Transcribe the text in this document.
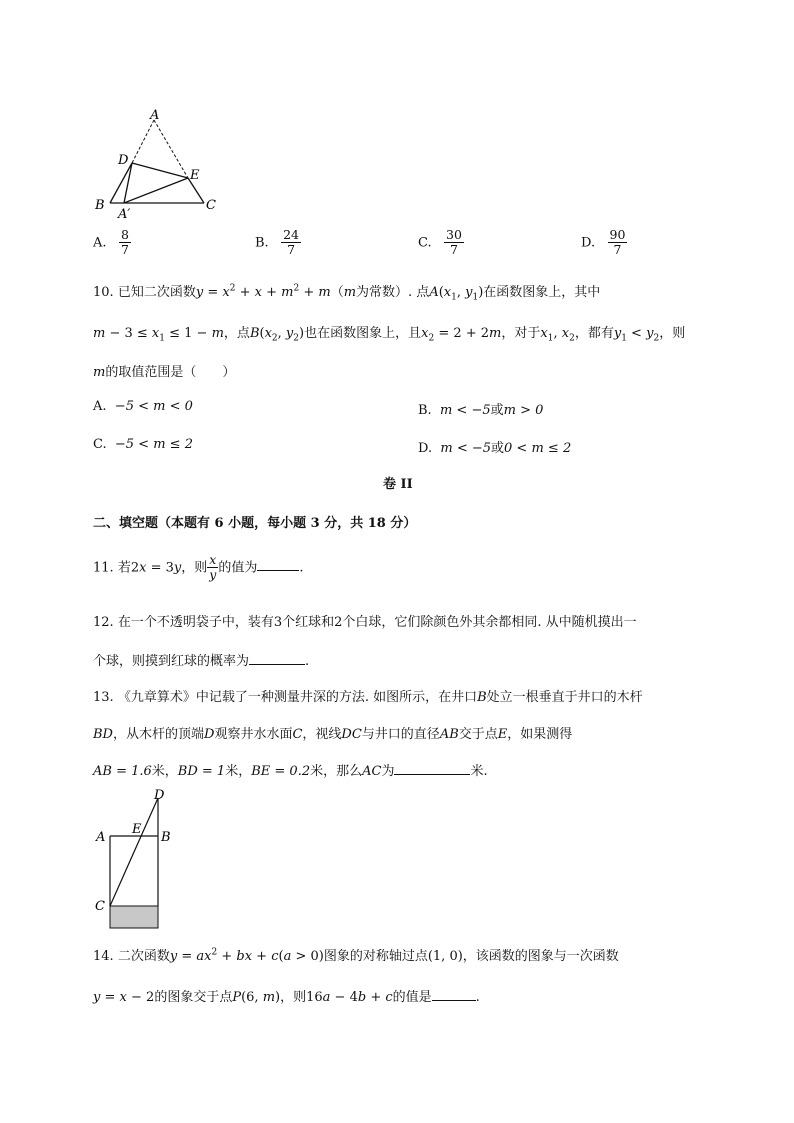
A
D
E
B
A′
C
A. $\frac{8}{7}$	B. $\frac{24}{7}$	C. $\frac{30}{7}$	D. $\frac{90}{7}$
10. 已知二次函数$y = x^2 + x + m^2 + m(m$为常数）. 点$A(x_1$, $y_1$)在函数图象上，其中
$m - 3 \le x_1 \le 1 - m$，点$B(x_2$, $y_2$)也在函数图象上，且$x_2 = 2 + 2m$，对于$x_1$, $x_2$，都有$y_1 < y_2$，则
m的取值范围是（　　）
A. −5 < m < 0	B. m < −5或m > 0
C. −5 < m ≤ 2	D. m < −5或0 < m ≤ 2
卷 II
二、填空题（本题有 6 小题，每小题 3 分，共 18 分）
11. 若2x = 3y，则 $\frac{x}{y}$ 的值为	.
12. 在一个不透明袋子中，装有3个红球和2个白球，它们除颜色外其余都相同. 从中随机摸出一
个球，则摸到红球的概率为	.
13. 《九章算术》中记载了一种测量井深的方法. 如图所示，在井口B处立一根垂直于井口的木杆
BD，从木杆的顶端D观察井水水面C，视线DC与井口的直径AB交于点E，如果测得
AB = 1.6米，BD = 1米，BE = 0.2米，那么AC为	米.
D
A
E
B
C
14. 二次函数$y = ax^2$ + bx + c(a > 0)图象的对称轴过点(1, 0)，该函数的图象与一次函数
y = x − 2的图象交于点P(6, m)，则16a − 4b + c的值是	.
